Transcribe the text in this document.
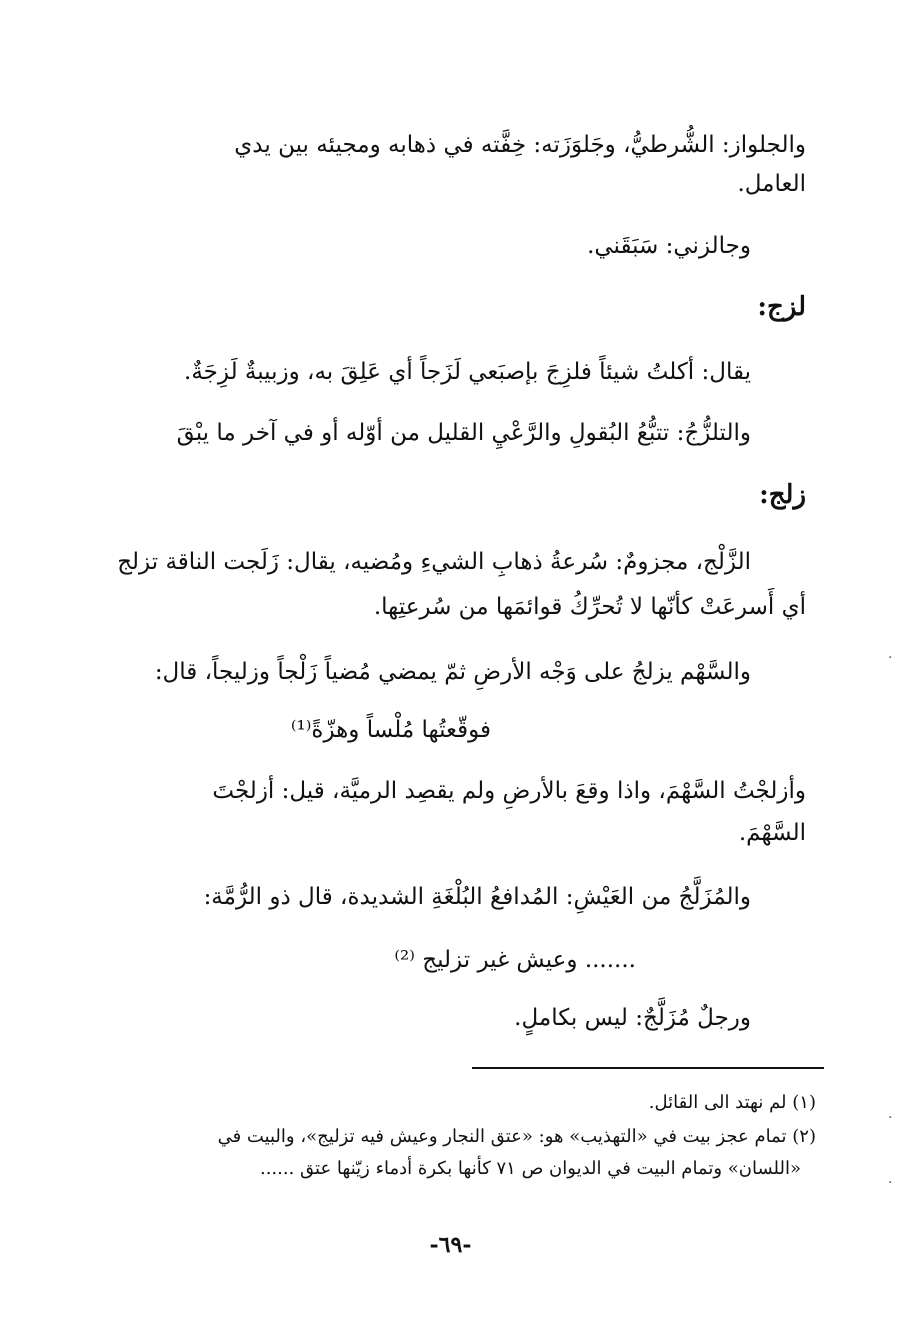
والجلواز: الشُّرطيُّ، وجَلوَزَته: خِفَّته في ذهابه ومجيئه بين يدي
العامل.
وجالزني: سَبَقَني.
لزج:
يقال: أكلتُ شيئاً فلزِجَ بإصبَعي لَزَجاً أي عَلِقَ به، وزبيبةٌ لَزِجَةٌ.
والتلزُّجُ: تتبُّعُ البُقولِ والرَّعْيِ القليل من أوّله أو في آخر ما يبْقَ
زلج:
الزَّلْج، مجزومٌ: سُرعةُ ذهابِ الشيءِ ومُضيه، يقال: زَلَجت الناقة تزلج
أي أَسرعَتْ كأنّها لا تُحرِّكُ قوائمَها من سُرعتِها.
والسَّهْم يزلجُ على وَجْه الأرضِ ثمّ يمضي مُضياً زَلْجاً وزليجاً، قال:
فوقّعتُها مُلْساً وهزّةً⁽¹⁾
وأزلجْتُ السَّهْمَ، واذا وقعَ بالأرضِ ولم يقصِد الرميَّة، قيل: أزلجْتَ
السَّهْمَ.
والمُزَلَّجُ من العَيْشِ: المُدافعُ البُلْغَةِ الشديدة، قال ذو الرُّمَّة:
....... وعيش غير تزليج ⁽²⁾
ورجلٌ مُزَلَّجٌ: ليس بكاملٍ.
(١) لم نهتد الى القائل.
(٢) تمام عجز بيت في «التهذيب» هو: «عتق النجار وعيش فيه تزليج»، والبيت في
«اللسان» وتمام البيت في الديوان ص ٧١ كأنها بكرة أدماء زيّنها عتق ......
-٦٩-
·
·
·
